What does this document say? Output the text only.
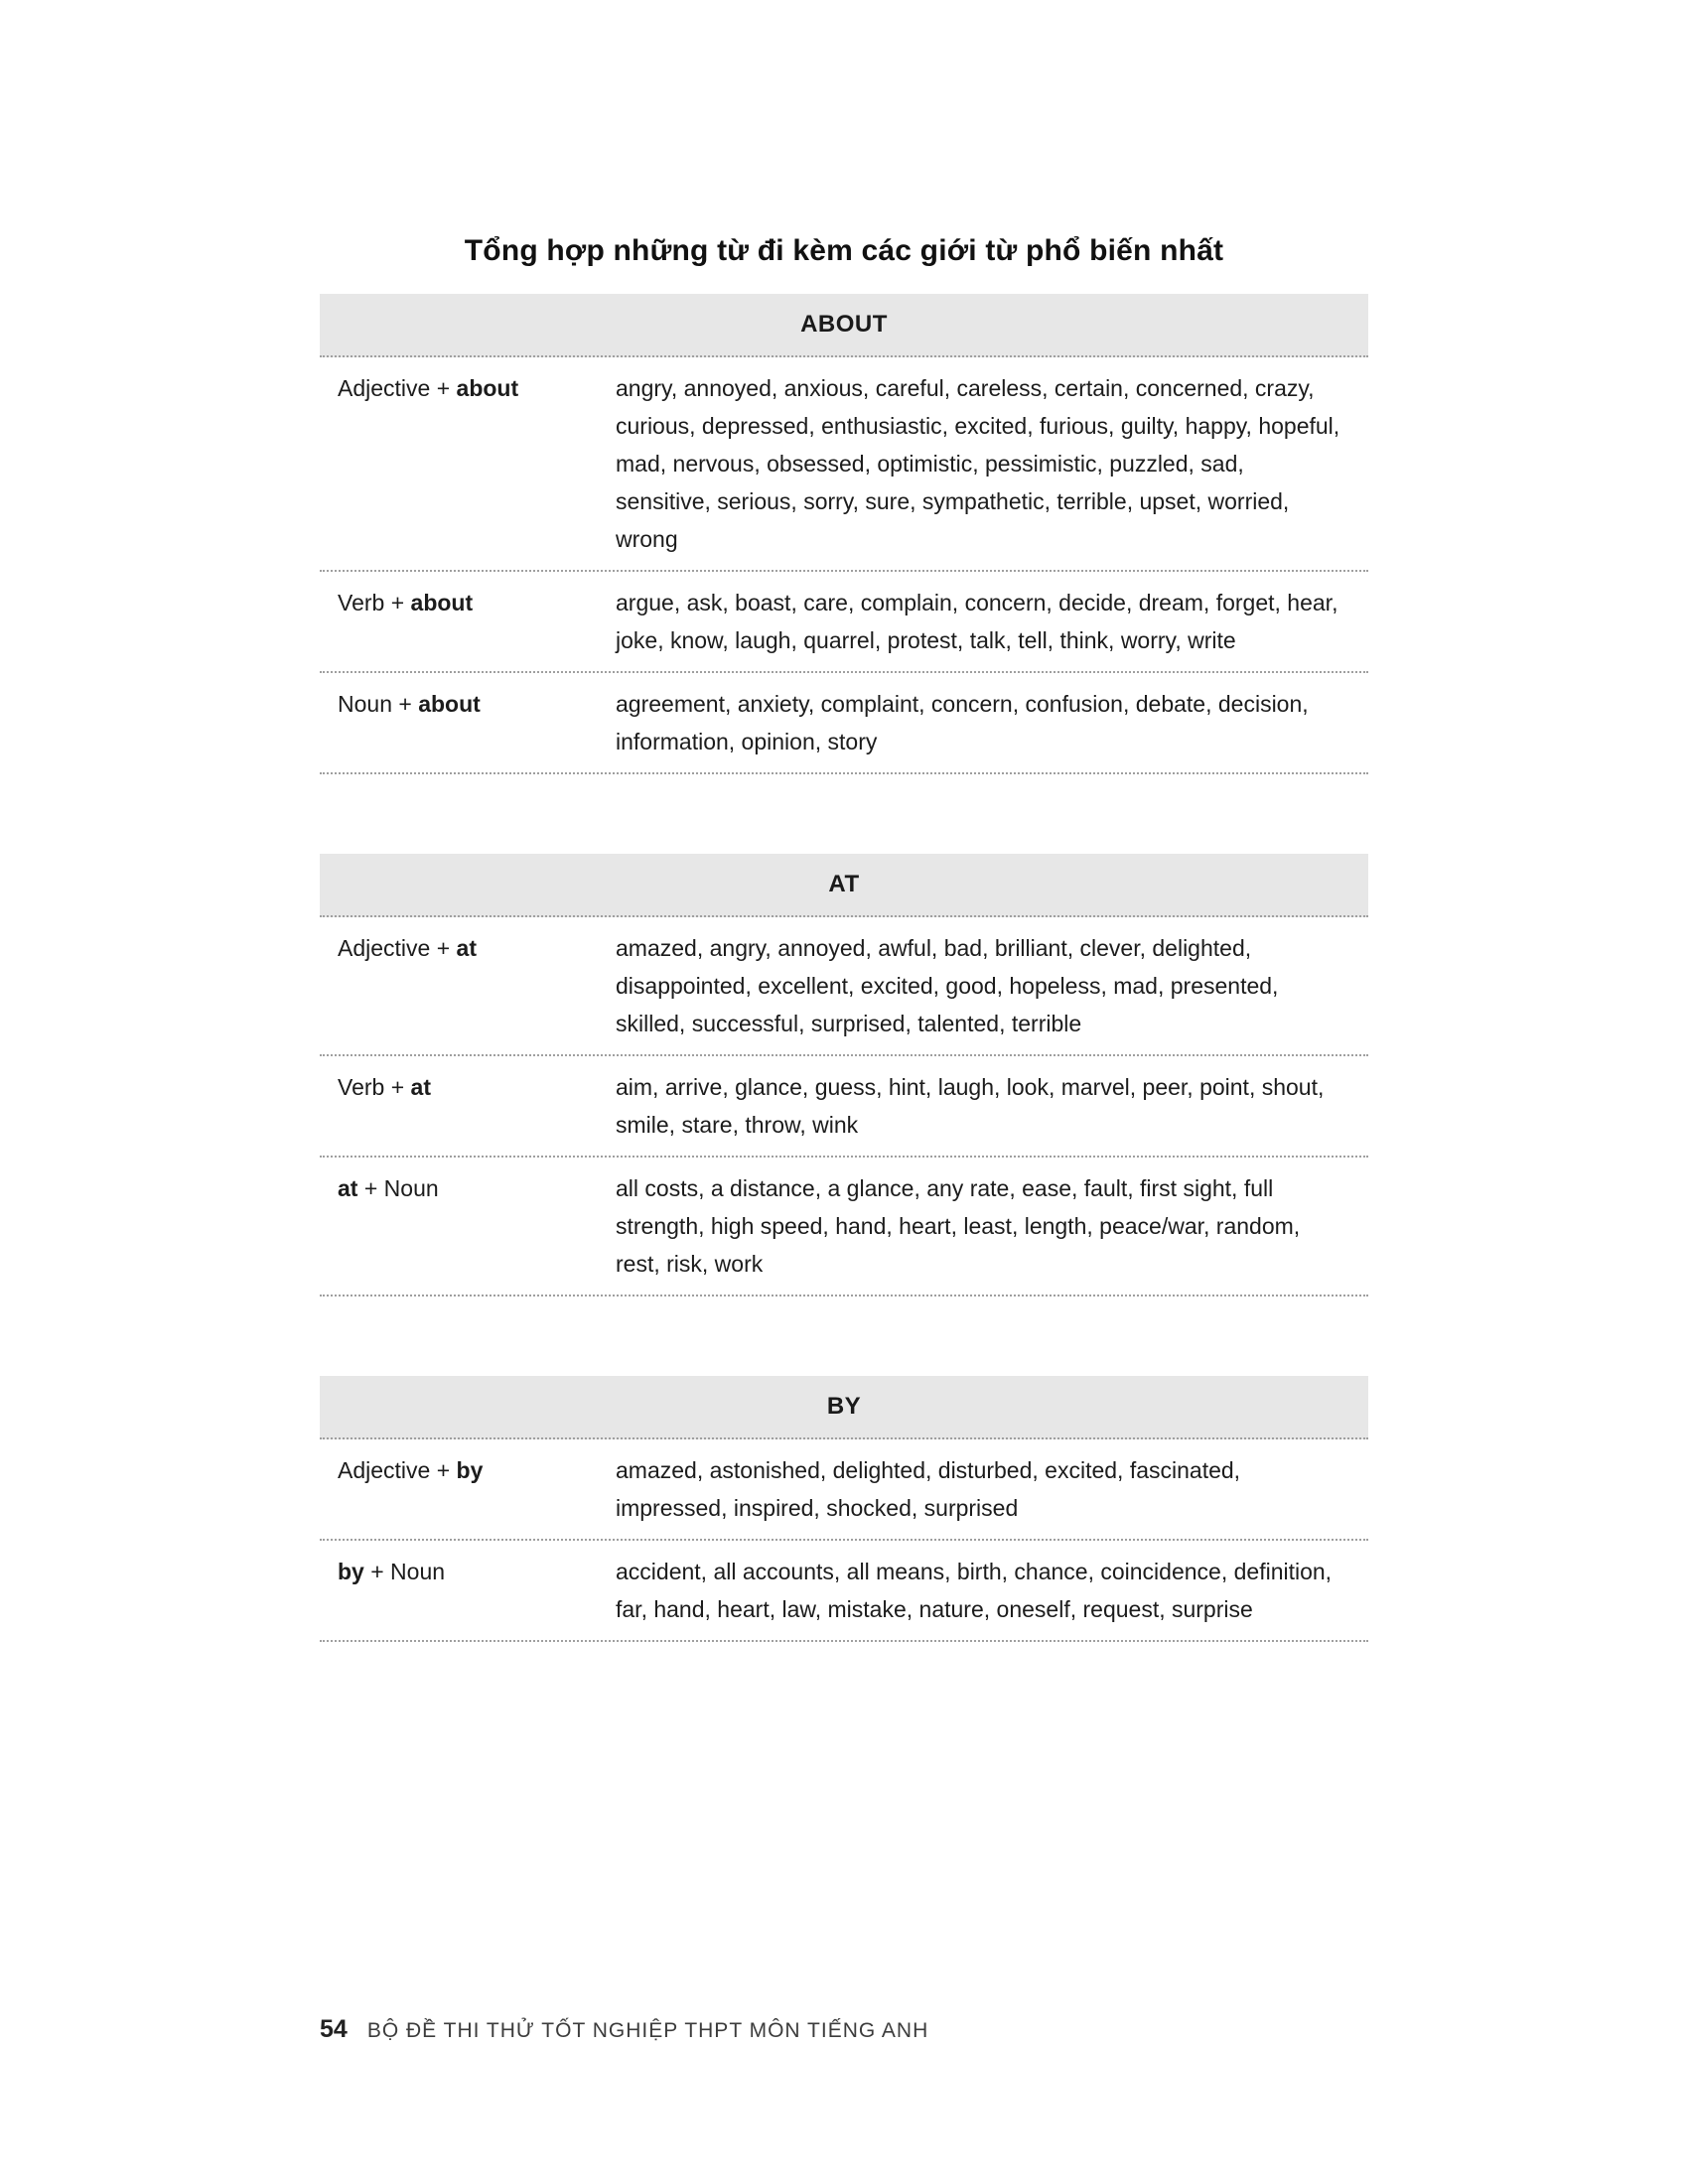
Tổng hợp những từ đi kèm các giới từ phổ biến nhất
ABOUT
Adjective + about	angry, annoyed, anxious, careful, careless, certain, concerned, crazy, curious, depressed, enthusiastic, excited, furious, guilty, happy, hopeful, mad, nervous, obsessed, optimistic, pessimistic, puzzled, sad, sensitive, serious, sorry, sure, sympathetic, terrible, upset, worried, wrong
Verb + about	argue, ask, boast, care, complain, concern, decide, dream, forget, hear, joke, know, laugh, quarrel, protest, talk, tell, think, worry, write
Noun + about	agreement, anxiety, complaint, concern, confusion, debate, decision, information, opinion, story
AT
Adjective + at	amazed, angry, annoyed, awful, bad, brilliant, clever, delighted, disappointed, excellent, excited, good, hopeless, mad, presented, skilled, successful, surprised, talented, terrible
Verb + at	aim, arrive, glance, guess, hint, laugh, look, marvel, peer, point, shout, smile, stare, throw, wink
at + Noun	all costs, a distance, a glance, any rate, ease, fault, first sight, full strength, high speed, hand, heart, least, length, peace/war, random, rest, risk, work
BY
Adjective + by	amazed, astonished, delighted, disturbed, excited, fascinated, impressed, inspired, shocked, surprised
by + Noun	accident, all accounts, all means, birth, chance, coincidence, definition, far, hand, heart, law, mistake, nature, oneself, request, surprise
54 BỘ ĐỀ THI THỬ TỐT NGHIỆP THPT MÔN TIẾNG ANH
